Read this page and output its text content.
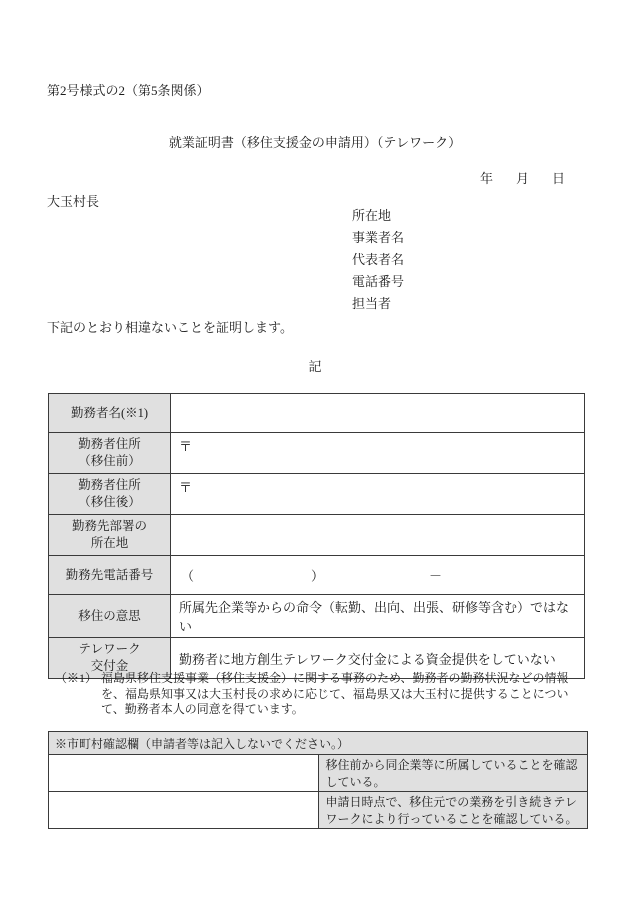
第2号様式の2（第5条関係）
就業証明書（移住支援金の申請用）（テレワーク）
年 月 日
大玉村長
所在地
事業者名
代表者名
電話番号
担当者
下記のとおり相違ないことを証明します。
記
勤務者名(※1)	

勤務者住所
（移住前）	〒

勤務者住所
（移住後）	〒

勤務先部署の
所在地	

勤務先電話番号	（ ） －

移住の意思	所属先企業等からの命令（転勤、出向、出張、研修等含む）ではない

テレワーク
交付金	勤務者に地方創生テレワーク交付金による資金提供をしていない
（※1） 福島県移住支援事業（移住支援金）に関する事務のため、勤務者の勤務状況などの情報を、福島県知事又は大玉村長の求めに応じて、福島県又は大玉村に提供することについて、勤務者本人の同意を得ています。
※市町村確認欄（申請者等は記入しないでください。）	
	移住前から同企業等に所属していることを確認している。
	申請日時点で、移住元での業務を引き続きテレワークにより行っていることを確認している。
